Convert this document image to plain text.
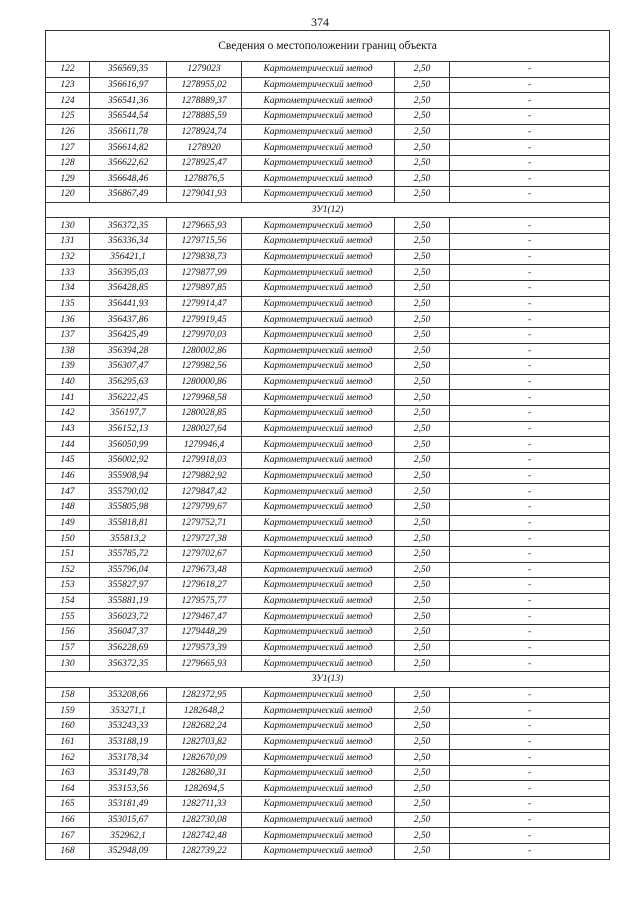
374
Сведения о местоположении границ объекта					
122	356569,35	1279023	Картометрический метод	2,50	-
123	356616,97	1278955,02	Картометрический метод	2,50	-
124	356541,36	1278889,37	Картометрический метод	2,50	-
125	356544,54	1278885,59	Картометрический метод	2,50	-
126	356611,78	1278924,74	Картометрический метод	2,50	-
127	356614,82	1278920	Картометрический метод	2,50	-
128	356622,62	1278925,47	Картометрический метод	2,50	-
129	356648,46	1278876,5	Картометрический метод	2,50	-
120	356867,49	1279041,93	Картометрический метод	2,50	-
ЗУ1(12)					
130	356372,35	1279665,93	Картометрический метод	2,50	-
131	356336,34	1279715,56	Картометрический метод	2,50	-
132	356421,1	1279838,73	Картометрический метод	2,50	-
133	356395,03	1279877,99	Картометрический метод	2,50	-
134	356428,85	1279897,85	Картометрический метод	2,50	-
135	356441,93	1279914,47	Картометрический метод	2,50	-
136	356437,86	1279919,45	Картометрический метод	2,50	-
137	356425,49	1279970,03	Картометрический метод	2,50	-
138	356394,28	1280002,86	Картометрический метод	2,50	-
139	356307,47	1279982,56	Картометрический метод	2,50	-
140	356295,63	1280000,86	Картометрический метод	2,50	-
141	356222,45	1279968,58	Картометрический метод	2,50	-
142	356197,7	1280028,85	Картометрический метод	2,50	-
143	356152,13	1280027,64	Картометрический метод	2,50	-
144	356050,99	1279946,4	Картометрический метод	2,50	-
145	356002,92	1279918,03	Картометрический метод	2,50	-
146	355908,94	1279882,92	Картометрический метод	2,50	-
147	355790,02	1279847,42	Картометрический метод	2,50	-
148	355805,98	1279799,67	Картометрический метод	2,50	-
149	355818,81	1279752,71	Картометрический метод	2,50	-
150	355813,2	1279727,38	Картометрический метод	2,50	-
151	355785,72	1279702,67	Картометрический метод	2,50	-
152	355796,04	1279673,48	Картометрический метод	2,50	-
153	355827,97	1279618,27	Картометрический метод	2,50	-
154	355881,19	1279575,77	Картометрический метод	2,50	-
155	356023,72	1279467,47	Картометрический метод	2,50	-
156	356047,37	1279448,29	Картометрический метод	2,50	-
157	356228,69	1279573,39	Картометрический метод	2,50	-
130	356372,35	1279665,93	Картометрический метод	2,50	-
ЗУ1(13)					
158	353208,66	1282372,95	Картометрический метод	2,50	-
159	353271,1	1282648,2	Картометрический метод	2,50	-
160	353243,33	1282682,24	Картометрический метод	2,50	-
161	353188,19	1282703,82	Картометрический метод	2,50	-
162	353178,34	1282670,09	Картометрический метод	2,50	-
163	353149,78	1282680,31	Картометрический метод	2,50	-
164	353153,56	1282694,5	Картометрический метод	2,50	-
165	353181,49	1282711,33	Картометрический метод	2,50	-
166	353015,67	1282730,08	Картометрический метод	2,50	-
167	352962,1	1282742,48	Картометрический метод	2,50	-
168	352948,09	1282739,22	Картометрический метод	2,50	-
